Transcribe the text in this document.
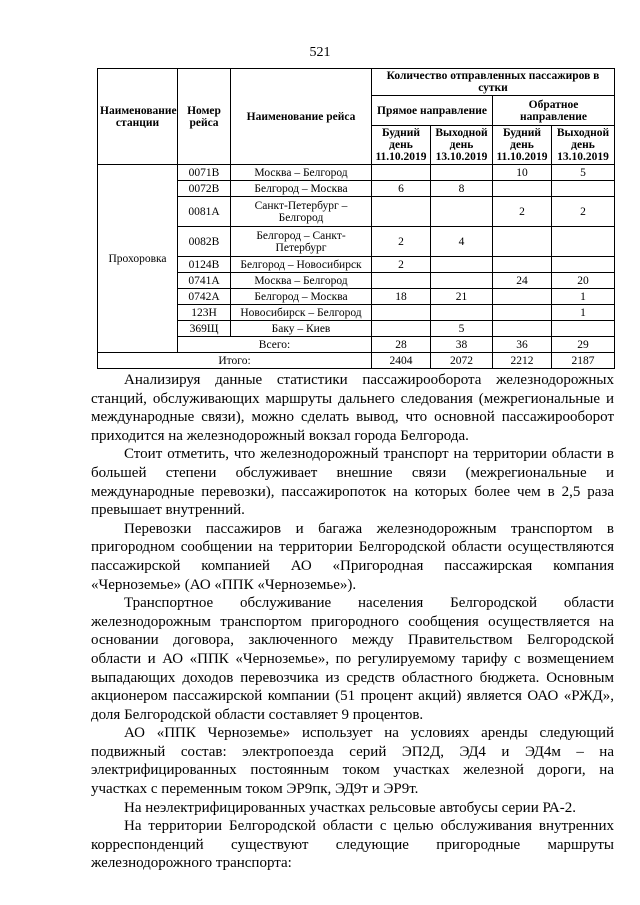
521
Наименование станции	Номер рейса	Наименование рейса	Количество отправленных пассажиров в сутки			
			Прямое направление		Обратное направление	
			Будний день 11.10.2019	Выходной день 13.10.2019	Будний день 11.10.2019	Выходной день 13.10.2019
Прохоровка	0071В	Москва – Белгород			10	5
	0072В	Белгород – Москва	6	8		
	0081А	Санкт-Петербург – Белгород			2	2
	0082В	Белгород – Санкт-Петербург	2	4		
	0124В	Белгород – Новосибирск	2			
	0741А	Москва – Белгород			24	20
	0742А	Белгород – Москва	18	21		1
	123Н	Новосибирск – Белгород				1
	369Щ	Баку – Киев		5		
	Всего:		28	38	36	29
Итого:			2404	2072	2212	2187

Анализируя данные статистики пассажирооборота железнодорожных станций, обслуживающих маршруты дальнего следования (межрегиональные и международные связи), можно сделать вывод, что основной пассажирооборот приходится на железнодорожный вокзал города Белгорода.

Стоит отметить, что железнодорожный транспорт на территории области в большей степени обслуживает внешние связи (межрегиональные и международные перевозки), пассажиропоток на которых более чем в 2,5 раза превышает внутренний.

Перевозки пассажиров и багажа железнодорожным транспортом в пригородном сообщении на территории Белгородской области осуществляются пассажирской компанией АО «Пригородная пассажирская компания «Черноземье» (АО «ППК «Черноземье»).

Транспортное обслуживание населения Белгородской области железнодорожным транспортом пригородного сообщения осуществляется на основании договора, заключенного между Правительством Белгородской области и АО «ППК «Черноземье», по регулируемому тарифу с возмещением выпадающих доходов перевозчика из средств областного бюджета. Основным акционером пассажирской компании (51 процент акций) является ОАО «РЖД», доля Белгородской области составляет 9 процентов.

АО «ППК Черноземье» использует на условиях аренды следующий подвижный состав: электропоезда серий ЭП2Д, ЭД4 и ЭД4м – на электрифицированных постоянным током участках железной дороги, на участках с переменным током ЭР9пк, ЭД9т и ЭР9т.

На неэлектрифицированных участках рельсовые автобусы серии РА-2.

На территории Белгородской области с целью обслуживания внутренних корреспонденций существуют следующие пригородные маршруты железнодорожного транспорта:
